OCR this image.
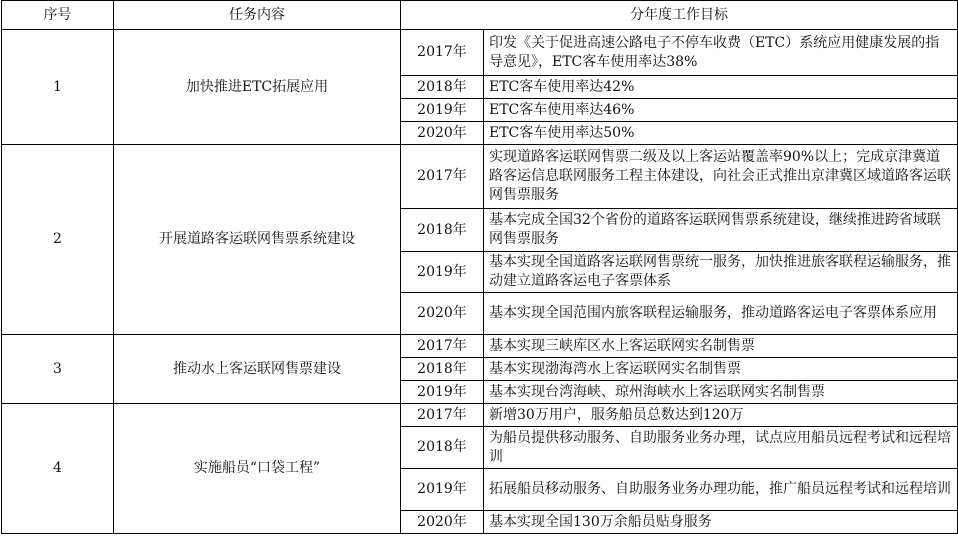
序号	任务内容	分年度工作目标	
1	加快推进ETC拓展应用	2017年	印发《关于促进高速公路电子不停车收费（ETC）系统应用健康发展的指导意见》，ETC客车使用率达38%
		2018年	ETC客车使用率达42%
		2019年	ETC客车使用率达46%
		2020年	ETC客车使用率达50%
2	开展道路客运联网售票系统建设	2017年	实现道路客运联网售票二级及以上客运站覆盖率90%以上；完成京津冀道路客运信息联网服务工程主体建设，向社会正式推出京津冀区域道路客运联网售票服务
		2018年	基本完成全国32个省份的道路客运联网售票系统建设，继续推进跨省域联网售票服务
		2019年	基本实现全国道路客运联网售票统一服务，加快推进旅客联程运输服务，推动建立道路客运电子客票体系
		2020年	基本实现全国范围内旅客联程运输服务，推动道路客运电子客票体系应用
3	推动水上客运联网售票建设	2017年	基本实现三峡库区水上客运联网实名制售票
		2018年	基本实现渤海湾水上客运联网实名制售票
		2019年	基本实现台湾海峡、琼州海峡水上客运联网实名制售票
4	实施船员“口袋工程”	2017年	新增30万用户，服务船员总数达到120万
		2018年	为船员提供移动服务、自助服务业务办理，试点应用船员远程考试和远程培训
		2019年	拓展船员移动服务、自助服务业务办理功能，推广船员远程考试和远程培训
		2020年	基本实现全国130万余船员贴身服务
